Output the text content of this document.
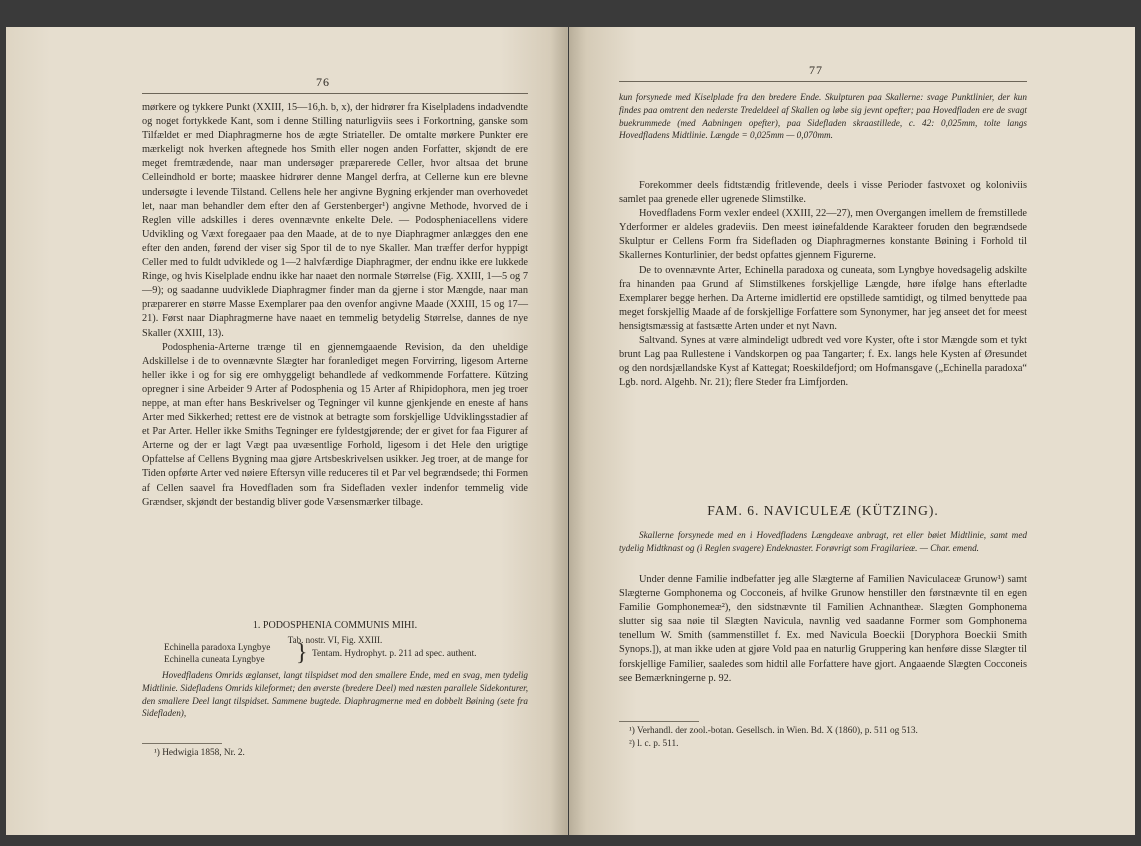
76

mørkere og tykkere Punkt (XXIII, 15—16,h. b, x), der hidrører fra Kiselpladens indadvendte og noget fortykkede Kant, som i denne Stilling naturligviis sees i Forkortning, ganske som Tilfældet er med Diaphragmerne hos de ægte Striateller. De omtalte mørkere Punkter ere mærkeligt nok hverken aftegnede hos Smith eller nogen anden Forfatter, skjøndt de ere meget fremtrædende, naar man undersøger præparerede Celler, hvor altsaa det brune Celleindhold er borte; maaskee hidrører denne Mangel derfra, at Cellerne kun ere blevne undersøgte i levende Tilstand. Cellens hele her angivne Bygning erkjender man overhovedet let, naar man behandler dem efter den af Gerstenberger¹) angivne Methode, hvorved de i Reglen ville adskilles i deres ovennævnte enkelte Dele. — Podospheniacellens videre Udvikling og Væxt foregaaer paa den Maade, at de to nye Diaphragmer anlægges den ene efter den anden, førend der viser sig Spor til de to nye Skaller. Man træffer derfor hyppigt Celler med to fuldt udviklede og 1—2 halvfærdige Diaphragmer, der endnu ikke ere lukkede Ringe, og hvis Kiselplade endnu ikke har naaet den normale Størrelse (Fig. XXIII, 1—5 og 7—9); og saadanne uudviklede Diaphragmer finder man da gjerne i stor Mængde, naar man præparerer en større Masse Exemplarer paa den ovenfor angivne Maade (XXIII, 15 og 17—21). Først naar Diaphragmerne have naaet en temmelig betydelig Størrelse, dannes de nye Skaller (XXIII, 13).

Podosphenia-Arterne trænge til en gjennemgaaende Revision, da den uheldige Adskillelse i de to ovennævnte Slægter har foranlediget megen Forvirring, ligesom Arterne heller ikke i og for sig ere omhyggeligt behandlede af vedkommende Forfattere. Kützing opregner i sine Arbeider 9 Arter af Podosphenia og 15 Arter af Rhipidophora, men jeg troer neppe, at man efter hans Beskrivelser og Tegninger vil kunne gjenkjende en eneste af hans Arter med Sikkerhed; rettest ere de vistnok at betragte som forskjellige Udviklingsstadier af et Par Arter. Heller ikke Smiths Tegninger ere fyldestgjørende; der er givet for faa Figurer af Arterne og der er lagt Vægt paa uvæsentlige Forhold, ligesom i det Hele den urigtige Opfattelse af Cellens Bygning maa gjøre Artsbeskrivelsen usikker. Jeg troer, at de mange for Tiden opførte Arter ved nøiere Eftersyn ville reduceres til et Par vel begrændsede; thi Formen af Cellen saavel fra Hovedfladen som fra Sidefladen vexler indenfor temmelig vide Grændser, skjøndt der bestandig bliver gode Væsensmærker tilbage.

1. PODOSPHENIA COMMUNIS MIHI.
Tab. nostr. VI, Fig. XXIII.
Echinella paradoxa Lyngbye
Echinella cuneata Lyngbye } Tentam. Hydrophyt. p. 211 ad spec. authent.
Hovedfladens Omrids æglanset, langt tilspidset mod den smallere Ende, med en svag, men tydelig Midtlinie. Sidefladens Omrids kileformet; den øverste (bredere Deel) med næsten parallele Sidekonturer, den smallere Deel langt tilspidset. Sammene bugtede. Diaphragmerne med en dobbelt Bøining (sete fra Sidefladen),
¹) Hedwigia 1858, Nr. 2.
77
kun forsynede med Kiselplade fra den bredere Ende. Skulpturen paa Skallerne: svage Punktlinier, der kun findes paa omtrent den nederste Tredeldeel af Skallen og løbe sig jevnt opefter; paa Hovedfladen ere de svagt buekrummede (med Aabningen opefter), paa Sidefladen skraastillede, c. 42: 0,025mm, tolte langs Hovedfladens Midtlinie. Længde = 0,025mm — 0,070mm.

Forekommer deels fidtstændig fritlevende, deels i visse Perioder fastvoxet og koloniviis samlet paa grenede eller ugrenede Slimstilke.

Hovedfladens Form vexler endeel (XXIII, 22—27), men Overgangen imellem de fremstillede Yderformer er aldeles gradeviis. Den meest iøinefaldende Karakteer foruden den begrændsede Skulptur er Cellens Form fra Sidefladen og Diaphragmernes konstante Bøining i Forhold til Skallernes Konturlinier, der bedst opfattes gjennem Figurerne.

De to ovennævnte Arter, Echinella paradoxa og cuneata, som Lyngbye hovedsagelig adskilte fra hinanden paa Grund af Slimstilkenes forskjellige Længde, høre ifølge hans efterladte Exemplarer begge herhen. Da Arterne imidlertid ere opstillede samtidigt, og tilmed benyttede paa meget forskjellig Maade af de forskjellige Forfattere som Synonymer, har jeg anseet det for meest hensigtsmæssig at fastsætte Arten under et nyt Navn.

Saltvand. Synes at være almindeligt udbredt ved vore Kyster, ofte i stor Mængde som et tykt brunt Lag paa Rullestene i Vandskorpen og paa Tangarter; f. Ex. langs hele Kysten af Øresundet og den nordsjællandske Kyst af Kattegat; Roeskildefjord; om Hofmansgave („Echinella paradoxa“ Lgb. nord. Algehb. Nr. 21); flere Steder fra Limfjorden.

FAM. 6. NAVICULEÆ (KÜTZING).
Skallerne forsynede med en i Hovedfladens Længdeaxe anbragt, ret eller bøiet Midtlinie, samt med tydelig Midtknast og (i Reglen svagere) Endeknaster. Forøvrigt som Fragilarieæ. — Char. emend.

Under denne Familie indbefatter jeg alle Slægterne af Familien Naviculaceæ Grunow¹) samt Slægterne Gomphonema og Cocconeis, af hvilke Grunow henstiller den førstnævnte til en egen Familie Gomphonemeæ²), den sidstnævnte til Familien Achnantheæ. Slægten Gomphonema slutter sig saa nøie til Slægten Navicula, navnlig ved saadanne Former som Gomphonema tenellum W. Smith (sammenstillet f. Ex. med Navicula Boeckii [Doryphora Boeckii Smith Synops.]), at man ikke uden at gjøre Vold paa en naturlig Gruppering kan henføre disse Slægter til forskjellige Familier, saaledes som hidtil alle Forfattere have gjort. Angaaende Slægten Cocconeis see Bemærkningerne p. 92.

¹) Verhandl. der zool.-botan. Gesellsch. in Wien. Bd. X (1860), p. 511 og 513.
²) l. c. p. 511.
